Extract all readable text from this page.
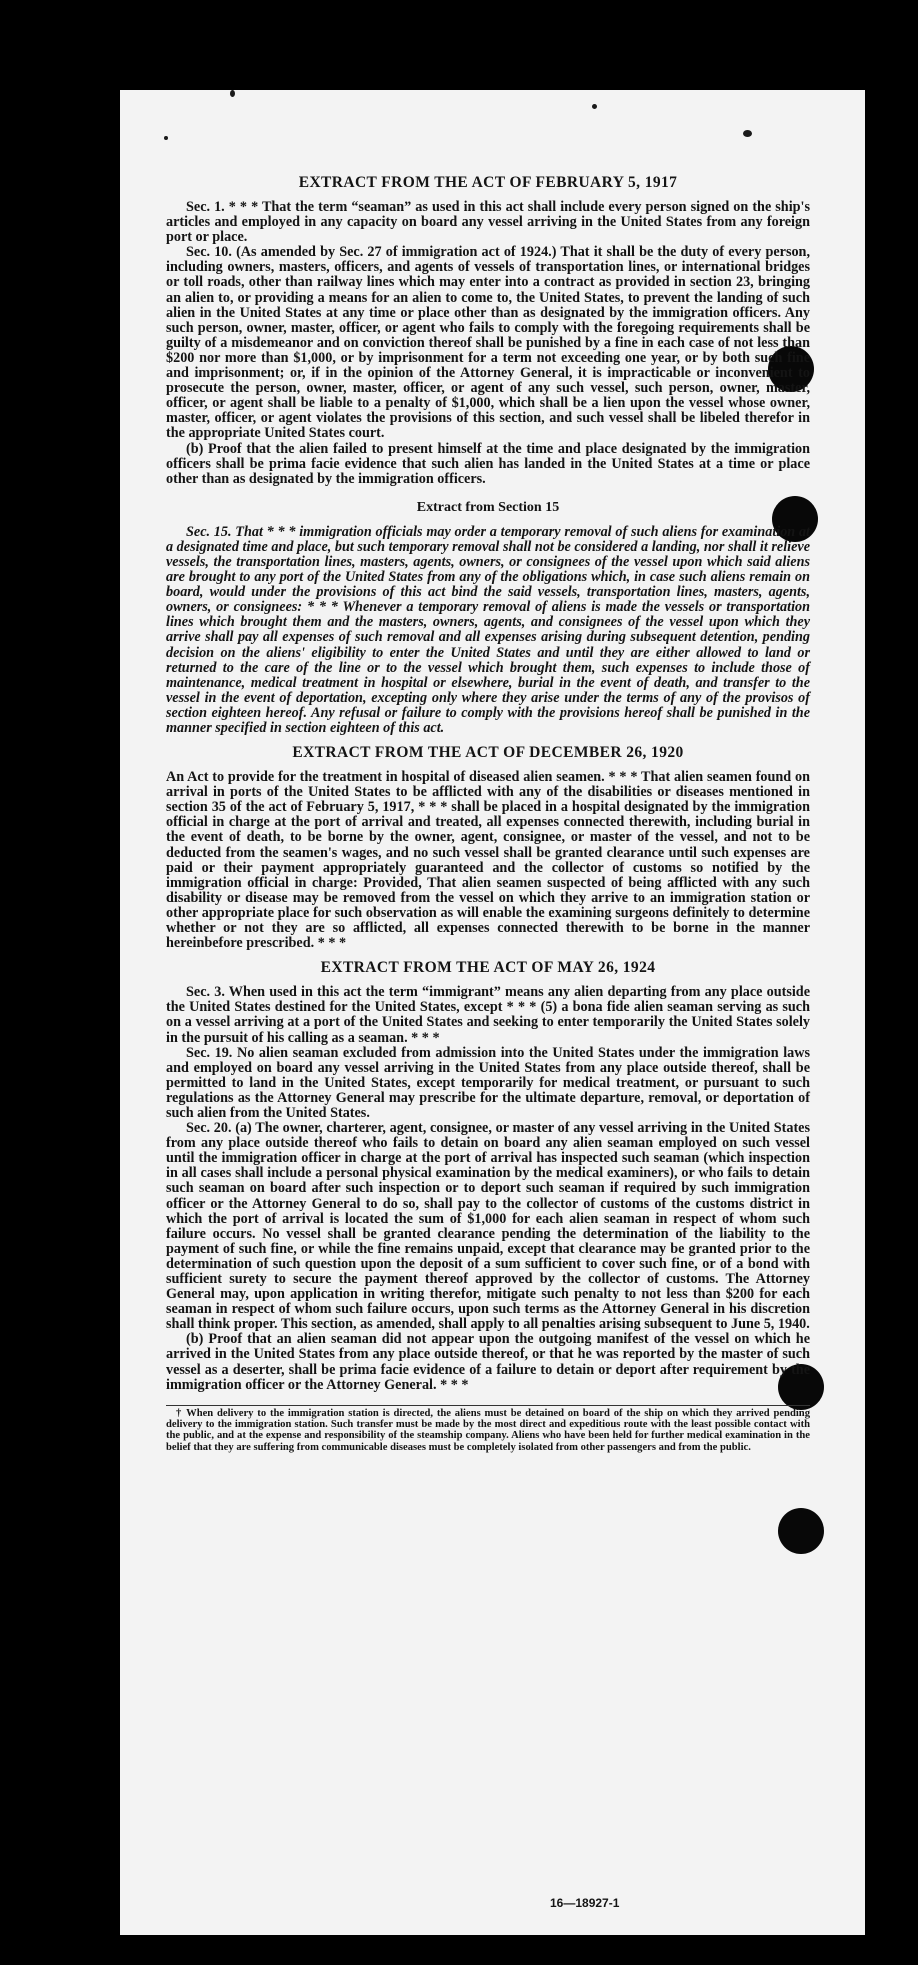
EXTRACT FROM THE ACT OF FEBRUARY 5, 1917

Sec. 1. * * * That the term “seaman” as used in this act shall include every person signed on the ship's articles and employed in any capacity on board any vessel arriving in the United States from any foreign port or place.

Sec. 10. (As amended by Sec. 27 of immigration act of 1924.) That it shall be the duty of every person, including owners, masters, officers, and agents of vessels of transportation lines, or international bridges or toll roads, other than railway lines which may enter into a contract as provided in section 23, bringing an alien to, or providing a means for an alien to come to, the United States, to prevent the landing of such alien in the United States at any time or place other than as designated by the immigration officers. Any such person, owner, master, officer, or agent who fails to comply with the foregoing requirements shall be guilty of a misdemeanor and on conviction thereof shall be punished by a fine in each case of not less than $200 nor more than $1,000, or by imprisonment for a term not exceeding one year, or by both such fine and imprisonment; or, if in the opinion of the Attorney General, it is impracticable or inconvenient to prosecute the person, owner, master, officer, or agent of any such vessel, such person, owner, master, officer, or agent shall be liable to a penalty of $1,000, which shall be a lien upon the vessel whose owner, master, officer, or agent violates the provisions of this section, and such vessel shall be libeled therefor in the appropriate United States court.

(b) Proof that the alien failed to present himself at the time and place designated by the immigration officers shall be prima facie evidence that such alien has landed in the United States at a time or place other than as designated by the immigration officers.

Extract from Section 15

Sec. 15. That * * * immigration officials may order a temporary removal of such aliens for examination at a designated time and place, but such temporary removal shall not be considered a landing, nor shall it relieve vessels, the transportation lines, masters, agents, owners, or consignees of the vessel upon which said aliens are brought to any port of the United States from any of the obligations which, in case such aliens remain on board, would under the provisions of this act bind the said vessels, transportation lines, masters, agents, owners, or consignees: * * * Whenever a temporary removal of aliens is made the vessels or transportation lines which brought them and the masters, owners, agents, and consignees of the vessel upon which they arrive shall pay all expenses of such removal and all expenses arising during subsequent detention, pending decision on the aliens' eligibility to enter the United States and until they are either allowed to land or returned to the care of the line or to the vessel which brought them, such expenses to include those of maintenance, medical treatment in hospital or elsewhere, burial in the event of death, and transfer to the vessel in the event of deportation, excepting only where they arise under the terms of any of the provisos of section eighteen hereof. Any refusal or failure to comply with the provisions hereof shall be punished in the manner specified in section eighteen of this act.

EXTRACT FROM THE ACT OF DECEMBER 26, 1920

An Act to provide for the treatment in hospital of diseased alien seamen. * * * That alien seamen found on arrival in ports of the United States to be afflicted with any of the disabilities or diseases mentioned in section 35 of the act of February 5, 1917, * * * shall be placed in a hospital designated by the immigration official in charge at the port of arrival and treated, all expenses connected therewith, including burial in the event of death, to be borne by the owner, agent, consignee, or master of the vessel, and not to be deducted from the seamen's wages, and no such vessel shall be granted clearance until such expenses are paid or their payment appropriately guaranteed and the collector of customs so notified by the immigration official in charge: Provided, That alien seamen suspected of being afflicted with any such disability or disease may be removed from the vessel on which they arrive to an immigration station or other appropriate place for such observation as will enable the examining surgeons definitely to determine whether or not they are so afflicted, all expenses connected therewith to be borne in the manner hereinbefore prescribed. * * *

EXTRACT FROM THE ACT OF MAY 26, 1924

Sec. 3. When used in this act the term “immigrant” means any alien departing from any place outside the United States destined for the United States, except * * * (5) a bona fide alien seaman serving as such on a vessel arriving at a port of the United States and seeking to enter temporarily the United States solely in the pursuit of his calling as a seaman. * * *

Sec. 19. No alien seaman excluded from admission into the United States under the immigration laws and employed on board any vessel arriving in the United States from any place outside thereof, shall be permitted to land in the United States, except temporarily for medical treatment, or pursuant to such regulations as the Attorney General may prescribe for the ultimate departure, removal, or deportation of such alien from the United States.

Sec. 20. (a) The owner, charterer, agent, consignee, or master of any vessel arriving in the United States from any place outside thereof who fails to detain on board any alien seaman employed on such vessel until the immigration officer in charge at the port of arrival has inspected such seaman (which inspection in all cases shall include a personal physical examination by the medical examiners), or who fails to detain such seaman on board after such inspection or to deport such seaman if required by such immigration officer or the Attorney General to do so, shall pay to the collector of customs of the customs district in which the port of arrival is located the sum of $1,000 for each alien seaman in respect of whom such failure occurs. No vessel shall be granted clearance pending the determination of the liability to the payment of such fine, or while the fine remains unpaid, except that clearance may be granted prior to the determination of such question upon the deposit of a sum sufficient to cover such fine, or of a bond with sufficient surety to secure the payment thereof approved by the collector of customs. The Attorney General may, upon application in writing therefor, mitigate such penalty to not less than $200 for each seaman in respect of whom such failure occurs, upon such terms as the Attorney General in his discretion shall think proper. This section, as amended, shall apply to all penalties arising subsequent to June 5, 1940.

(b) Proof that an alien seaman did not appear upon the outgoing manifest of the vessel on which he arrived in the United States from any place outside thereof, or that he was reported by the master of such vessel as a deserter, shall be prima facie evidence of a failure to detain or deport after requirement by the immigration officer or the Attorney General. * * *

† When delivery to the immigration station is directed, the aliens must be detained on board of the ship on which they arrived pending delivery to the immigration station. Such transfer must be made by the most direct and expeditious route with the least possible contact with the public, and at the expense and responsibility of the steamship company. Aliens who have been held for further medical examination in the belief that they are suffering from communicable diseases must be completely isolated from other passengers and from the public.

16—18927-1
